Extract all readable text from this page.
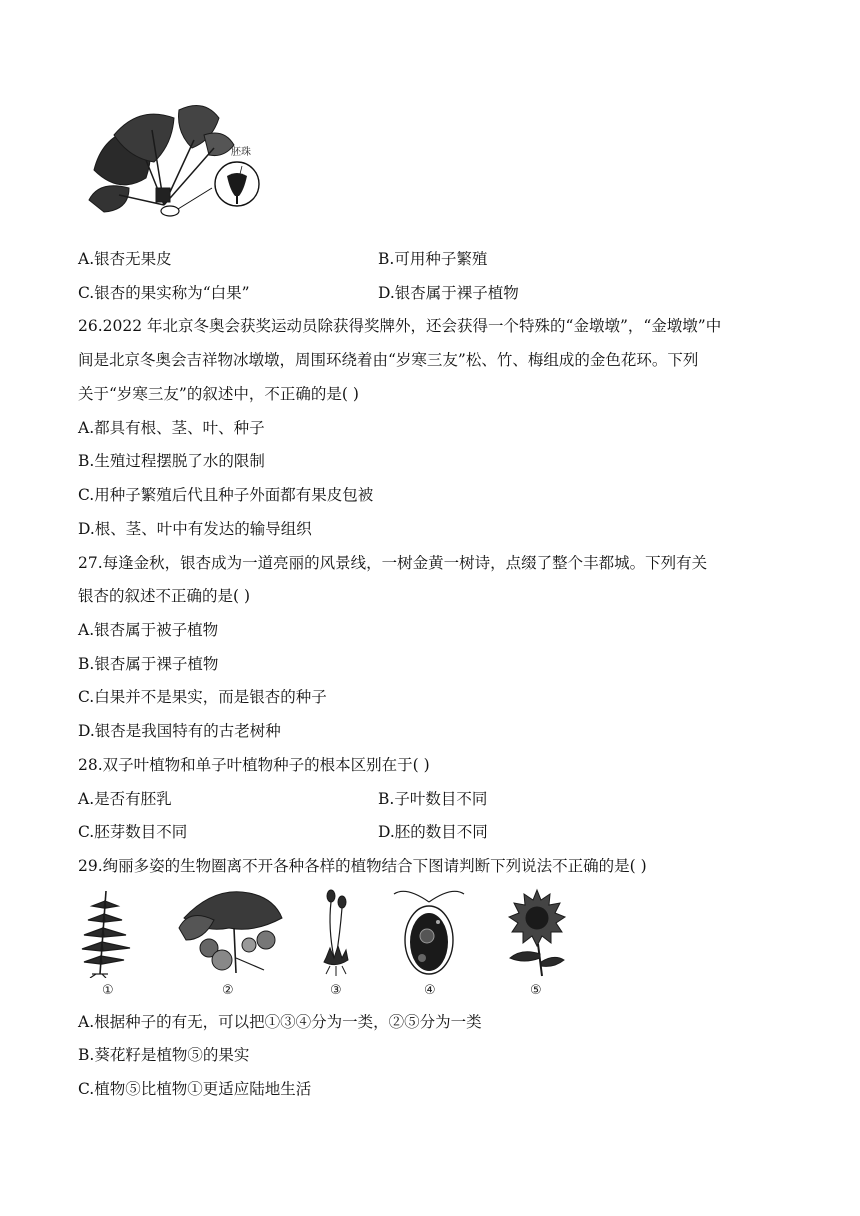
胚珠
A.银杏无果皮	B.可用种子繁殖
C.银杏的果实称为“白果”	D.银杏属于裸子植物
26.2022 年北京冬奥会获奖运动员除获得奖牌外，还会获得一个特殊的“金墩墩”，“金墩墩”中
间是北京冬奥会吉祥物冰墩墩，周围环绕着由“岁寒三友”松、竹、梅组成的金色花环。下列
关于“岁寒三友”的叙述中，不正确的是( )
A.都具有根、茎、叶、种子
B.生殖过程摆脱了水的限制
C.用种子繁殖后代且种子外面都有果皮包被
D.根、茎、叶中有发达的输导组织
27.每逢金秋，银杏成为一道亮丽的风景线，一树金黄一树诗，点缀了整个丰都城。下列有关
银杏的叙述不正确的是( )
A.银杏属于被子植物
B.银杏属于裸子植物
C.白果并不是果实，而是银杏的种子
D.银杏是我国特有的古老树种
28.双子叶植物和单子叶植物种子的根本区别在于( )
A.是否有胚乳	B.子叶数目不同
C.胚芽数目不同	D.胚的数目不同
29.绚丽多姿的生物圈离不开各种各样的植物结合下图请判断下列说法不正确的是( )
①	②	③	④	⑤
A.根据种子的有无，可以把①③④分为一类，②⑤分为一类
B.葵花籽是植物⑤的果实
C.植物⑤比植物①更适应陆地生活
